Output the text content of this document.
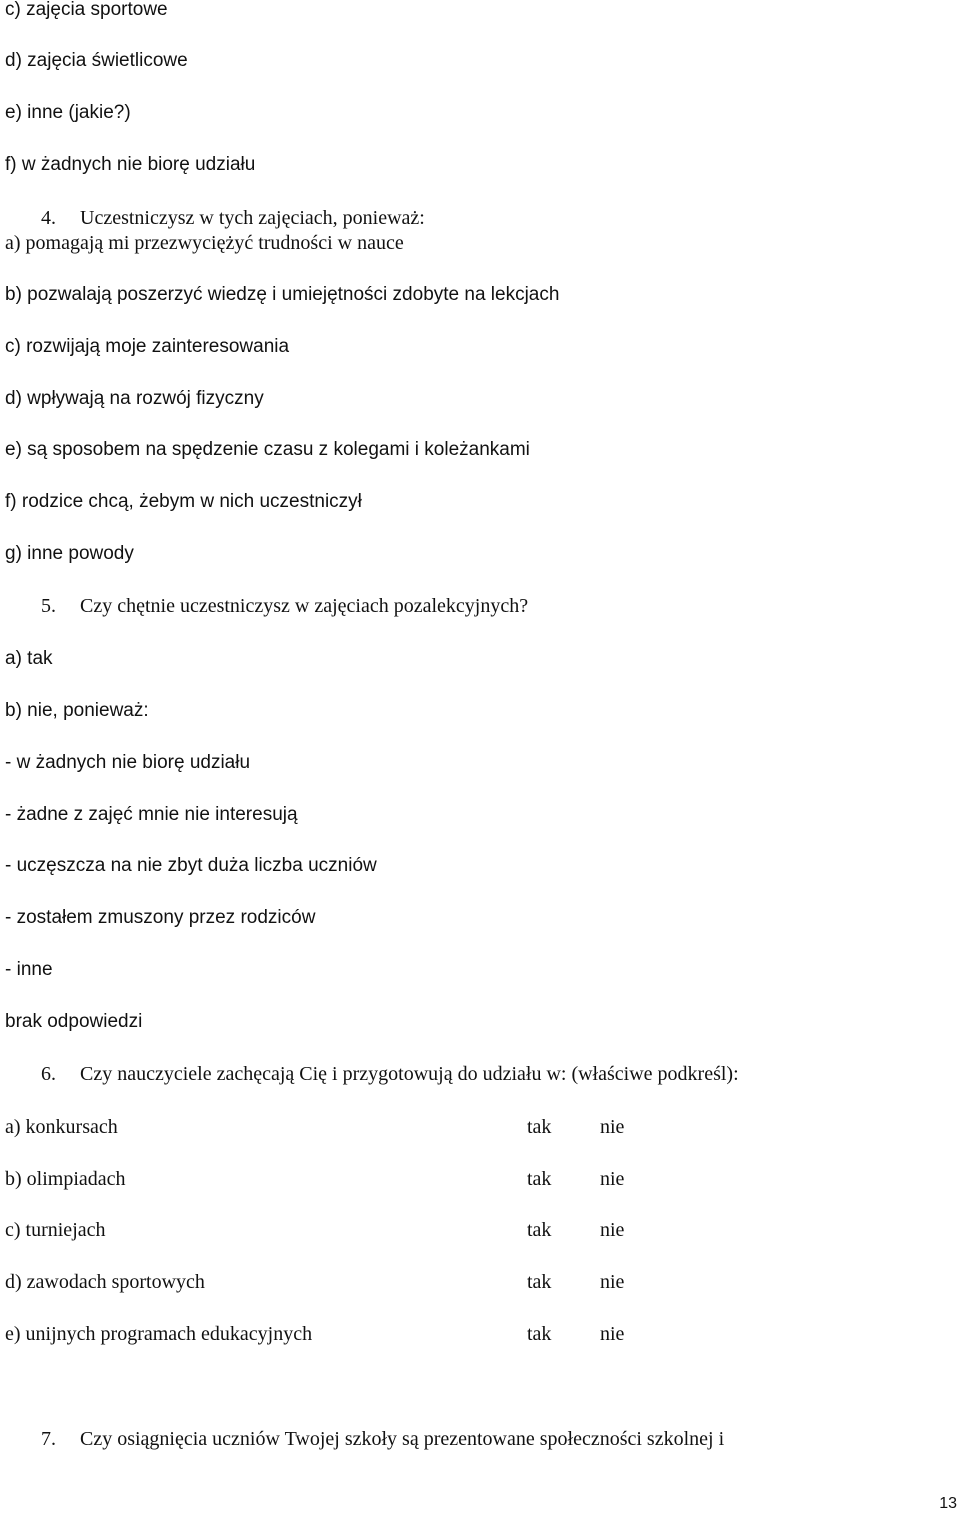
c) zajęcia sportowe
d) zajęcia świetlicowe
e) inne (jakie?)
f) w żadnych nie biorę udziału
4. Uczestniczysz w tych zajęciach, ponieważ:
a) pomagają mi przezwyciężyć trudności w nauce
b) pozwalają poszerzyć wiedzę i umiejętności zdobyte na lekcjach
c) rozwijają moje zainteresowania
d) wpływają na rozwój fizyczny
e) są sposobem na spędzenie czasu z kolegami i koleżankami
f) rodzice chcą, żebym w nich uczestniczył
g) inne powody
5. Czy chętnie uczestniczysz w zajęciach pozalekcyjnych?
a) tak
b) nie, ponieważ:
- w żadnych nie biorę udziału
- żadne z zajęć mnie nie interesują
- uczęszcza na nie zbyt duża liczba uczniów
- zostałem zmuszony przez rodziców
- inne
brak odpowiedzi
6. Czy nauczyciele zachęcają Cię i przygotowują do udziału w: (właściwe podkreśl):
a) konkursach	tak nie
b) olimpiadach	tak nie
c) turniejach	tak nie
d) zawodach sportowych	tak nie
e) unijnych programach edukacyjnych	tak nie
7. Czy osiągnięcia uczniów Twojej szkoły są prezentowane społeczności szkolnej i
13
